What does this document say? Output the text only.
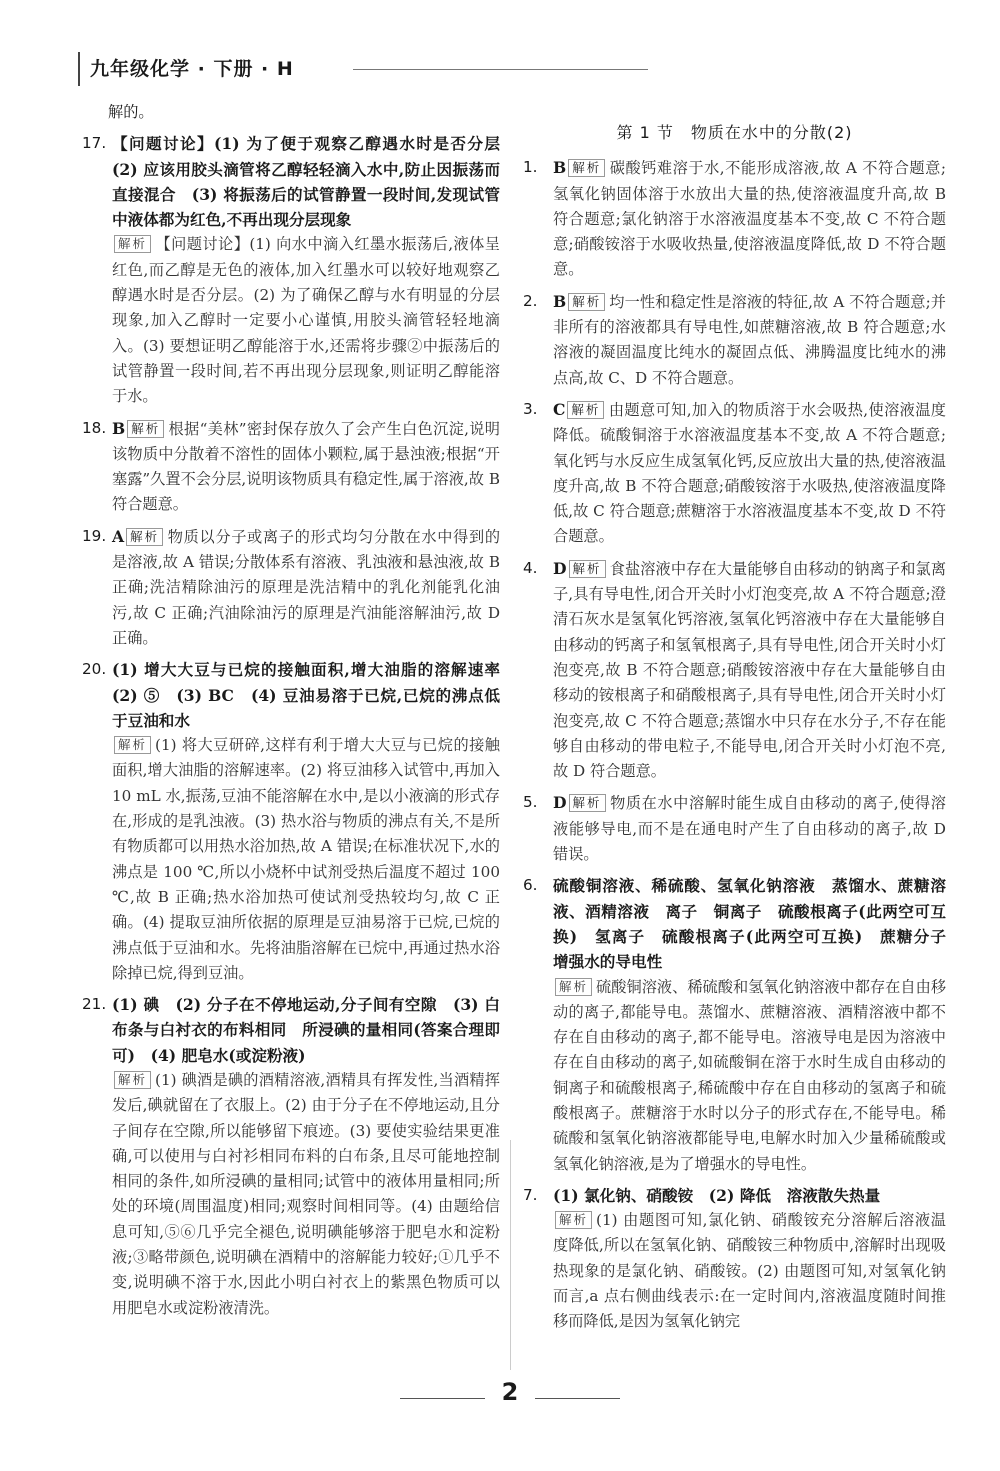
九年级化学 · 下册 · H
解的。
17. 【问题讨论】(1) 为了便于观察乙醇遇水时是否分层　(2) 应该用胶头滴管将乙醇轻轻滴入水中,防止因振荡而直接混合　(3) 将振荡后的试管静置一段时间,发现试管中液体都为红色,不再出现分层现象
解析 【问题讨论】(1) 向水中滴入红墨水振荡后,液体呈红色,而乙醇是无色的液体,加入红墨水可以较好地观察乙醇遇水时是否分层。(2) 为了确保乙醇与水有明显的分层现象,加入乙醇时一定要小心谨慎,用胶头滴管轻轻地滴入。(3) 要想证明乙醇能溶于水,还需将步骤②中振荡后的试管静置一段时间,若不再出现分层现象,则证明乙醇能溶于水。
18. B 解析 根据“美林”密封保存放久了会产生白色沉淀,说明该物质中分散着不溶性的固体小颗粒,属于悬浊液;根据“开塞露”久置不会分层,说明该物质具有稳定性,属于溶液,故 B 符合题意。
19. A 解析 物质以分子或离子的形式均匀分散在水中得到的是溶液,故 A 错误;分散体系有溶液、乳浊液和悬浊液,故 B 正确;洗洁精除油污的原理是洗洁精中的乳化剂能乳化油污,故 C 正确;汽油除油污的原理是汽油能溶解油污,故 D 正确。
20. (1) 增大大豆与已烷的接触面积,增大油脂的溶解速率　(2) ⑤　(3) BC　(4) 豆油易溶于已烷,已烷的沸点低于豆油和水
解析 (1) 将大豆研碎,这样有利于增大大豆与已烷的接触面积,增大油脂的溶解速率。(2) 将豆油移入试管中,再加入 10 mL 水,振荡,豆油不能溶解在水中,是以小液滴的形式存在,形成的是乳浊液。(3) 热水浴与物质的沸点有关,不是所有物质都可以用热水浴加热,故 A 错误;在标准状况下,水的沸点是 100 ℃,所以小烧杯中试剂受热后温度不超过 100 ℃,故 B 正确;热水浴加热可使试剂受热较均匀,故 C 正确。(4) 提取豆油所依据的原理是豆油易溶于已烷,已烷的沸点低于豆油和水。先将油脂溶解在已烷中,再通过热水浴除掉已烷,得到豆油。
21. (1) 碘　(2) 分子在不停地运动,分子间有空隙　(3) 白布条与白衬衣的布料相同　所浸碘的量相同(答案合理即可)　(4) 肥皂水(或淀粉液)
解析 (1) 碘酒是碘的酒精溶液,酒精具有挥发性,当酒精挥发后,碘就留在了衣服上。(2) 由于分子在不停地运动,且分子间存在空隙,所以能够留下痕迹。(3) 要使实验结果更准确,可以使用与白衬衫相同布料的白布条,且尽可能地控制相同的条件,如所浸碘的量相同;试管中的液体用量相同;所处的环境(周围温度)相同;观察时间相同等。(4) 由题给信息可知,⑤⑥几乎完全褪色,说明碘能够溶于肥皂水和淀粉液;③略带颜色,说明碘在酒精中的溶解能力较好;①几乎不变,说明碘不溶于水,因此小明白衬衣上的紫黑色物质可以用肥皂水或淀粉液清洗。
第 1 节　物质在水中的分散(2)
1. B 解析 碳酸钙难溶于水,不能形成溶液,故 A 不符合题意;氢氧化钠固体溶于水放出大量的热,使溶液温度升高,故 B 符合题意;氯化钠溶于水溶液温度基本不变,故 C 不符合题意;硝酸铵溶于水吸收热量,使溶液温度降低,故 D 不符合题意。
2. B 解析 均一性和稳定性是溶液的特征,故 A 不符合题意;并非所有的溶液都具有导电性,如蔗糖溶液,故 B 符合题意;水溶液的凝固温度比纯水的凝固点低、沸腾温度比纯水的沸点高,故 C、D 不符合题意。
3. C 解析 由题意可知,加入的物质溶于水会吸热,使溶液温度降低。硫酸铜溶于水溶液温度基本不变,故 A 不符合题意;氧化钙与水反应生成氢氧化钙,反应放出大量的热,使溶液温度升高,故 B 不符合题意;硝酸铵溶于水吸热,使溶液温度降低,故 C 符合题意;蔗糖溶于水溶液温度基本不变,故 D 不符合题意。
4. D 解析 食盐溶液中存在大量能够自由移动的钠离子和氯离子,具有导电性,闭合开关时小灯泡变亮,故 A 不符合题意;澄清石灰水是氢氧化钙溶液,氢氧化钙溶液中存在大量能够自由移动的钙离子和氢氧根离子,具有导电性,闭合开关时小灯泡变亮,故 B 不符合题意;硝酸铵溶液中存在大量能够自由移动的铵根离子和硝酸根离子,具有导电性,闭合开关时小灯泡变亮,故 C 不符合题意;蒸馏水中只存在水分子,不存在能够自由移动的带电粒子,不能导电,闭合开关时小灯泡不亮,故 D 符合题意。
5. D 解析 物质在水中溶解时能生成自由移动的离子,使得溶液能够导电,而不是在通电时产生了自由移动的离子,故 D 错误。
6. 硫酸铜溶液、稀硫酸、氢氧化钠溶液　蒸馏水、蔗糖溶液、酒精溶液　离子　铜离子　硫酸根离子(此两空可互换)　氢离子　硫酸根离子(此两空可互换)　蔗糖分子　增强水的导电性
解析 硫酸铜溶液、稀硫酸和氢氧化钠溶液中都存在自由移动的离子,都能导电。蒸馏水、蔗糖溶液、酒精溶液中都不存在自由移动的离子,都不能导电。溶液导电是因为溶液中存在自由移动的离子,如硫酸铜在溶于水时生成自由移动的铜离子和硫酸根离子,稀硫酸中存在自由移动的氢离子和硫酸根离子。蔗糖溶于水时以分子的形式存在,不能导电。稀硫酸和氢氧化钠溶液都能导电,电解水时加入少量稀硫酸或氢氧化钠溶液,是为了增强水的导电性。
7. (1) 氯化钠、硝酸铵　(2) 降低　溶液散失热量
解析 (1) 由题图可知,氯化钠、硝酸铵充分溶解后溶液温度降低,所以在氢氧化钠、硝酸铵三种物质中,溶解时出现吸热现象的是氯化钠、硝酸铵。(2) 由题图可知,对氢氧化钠而言,a 点右侧曲线表示:在一定时间内,溶液温度随时间推移而降低,是因为氢氧化钠完
2
